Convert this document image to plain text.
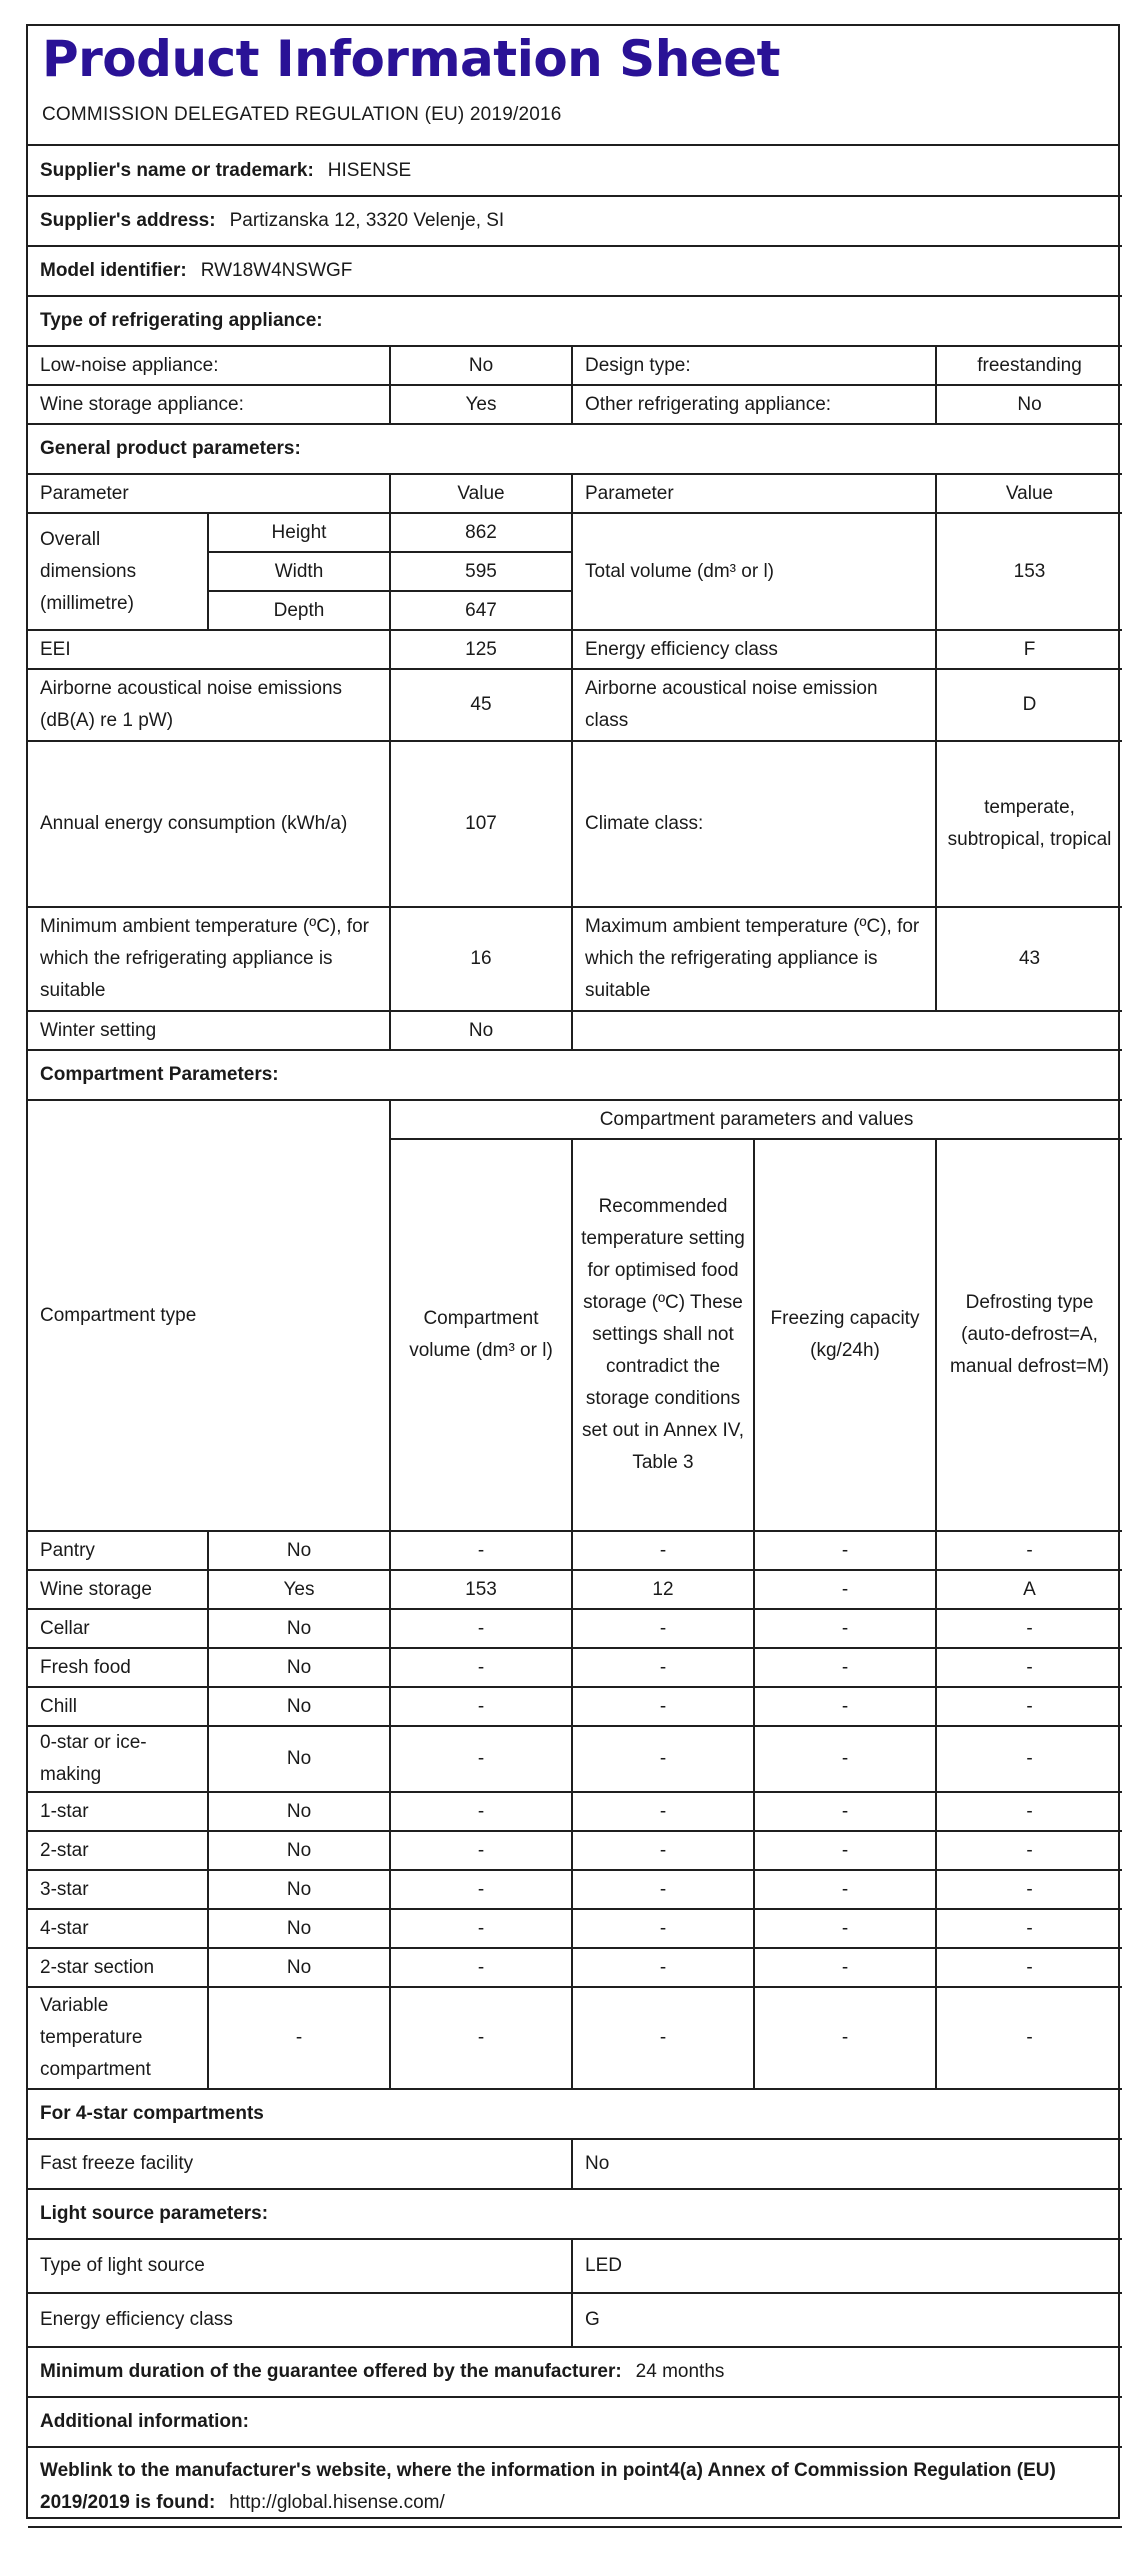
Product Information Sheet
COMMISSION DELEGATED REGULATION (EU) 2019/2016
Supplier's name or trademark: HISENSE					
Supplier's address: Partizanska 12, 3320 Velenje, SI					
Model identifier: RW18W4NSWGF					
Type of refrigerating appliance:					
Low-noise appliance:		No	Design type:		freestanding
Wine storage appliance:		Yes	Other refrigerating appliance:		No
General product parameters:					
Parameter		Value	Parameter		Value
Overall dimensions (millimetre)	Height	862	Total volume (dm³ or l)		153
	Width	595			
	Depth	647			
EEI		125	Energy efficiency class		F
Airborne acoustical noise emissions (dB(A) re 1 pW)		45	Airborne acoustical noise emission class		D
Annual energy consumption (kWh/a)		107	Climate class:		temperate, subtropical, tropical
Minimum ambient temperature (ºC), for which the refrigerating appliance is suitable		16	Maximum ambient temperature (ºC), for which the refrigerating appliance is suitable		43
Winter setting		No			
Compartment Parameters:					
Compartment type		Compartment parameters and values			
		Compartment volume (dm³ or l)	Recommended temperature setting for optimised food storage (ºC) These settings shall not contradict the storage conditions set out in Annex IV, Table 3	Freezing capacity (kg/24h)	Defrosting type (auto-defrost=A, manual defrost=M)
Pantry	No	-	-	-	-
Wine storage	Yes	153	12	-	A
Cellar	No	-	-	-	-
Fresh food	No	-	-	-	-
Chill	No	-	-	-	-
0-star or ice-making	No	-	-	-	-
1-star	No	-	-	-	-
2-star	No	-	-	-	-
3-star	No	-	-	-	-
4-star	No	-	-	-	-
2-star section	No	-	-	-	-
Variable temperature compartment	-	-	-	-	-
For 4-star compartments					
Fast freeze facility			No		
Light source parameters:					
Type of light source			LED		
Energy efficiency class			G		
Minimum duration of the guarantee offered by the manufacturer: 24 months					
Additional information:					
Weblink to the manufacturer's website, where the information in point4(a) Annex of Commission Regulation (EU) 2019/2019 is found: http://global.hisense.com/					
